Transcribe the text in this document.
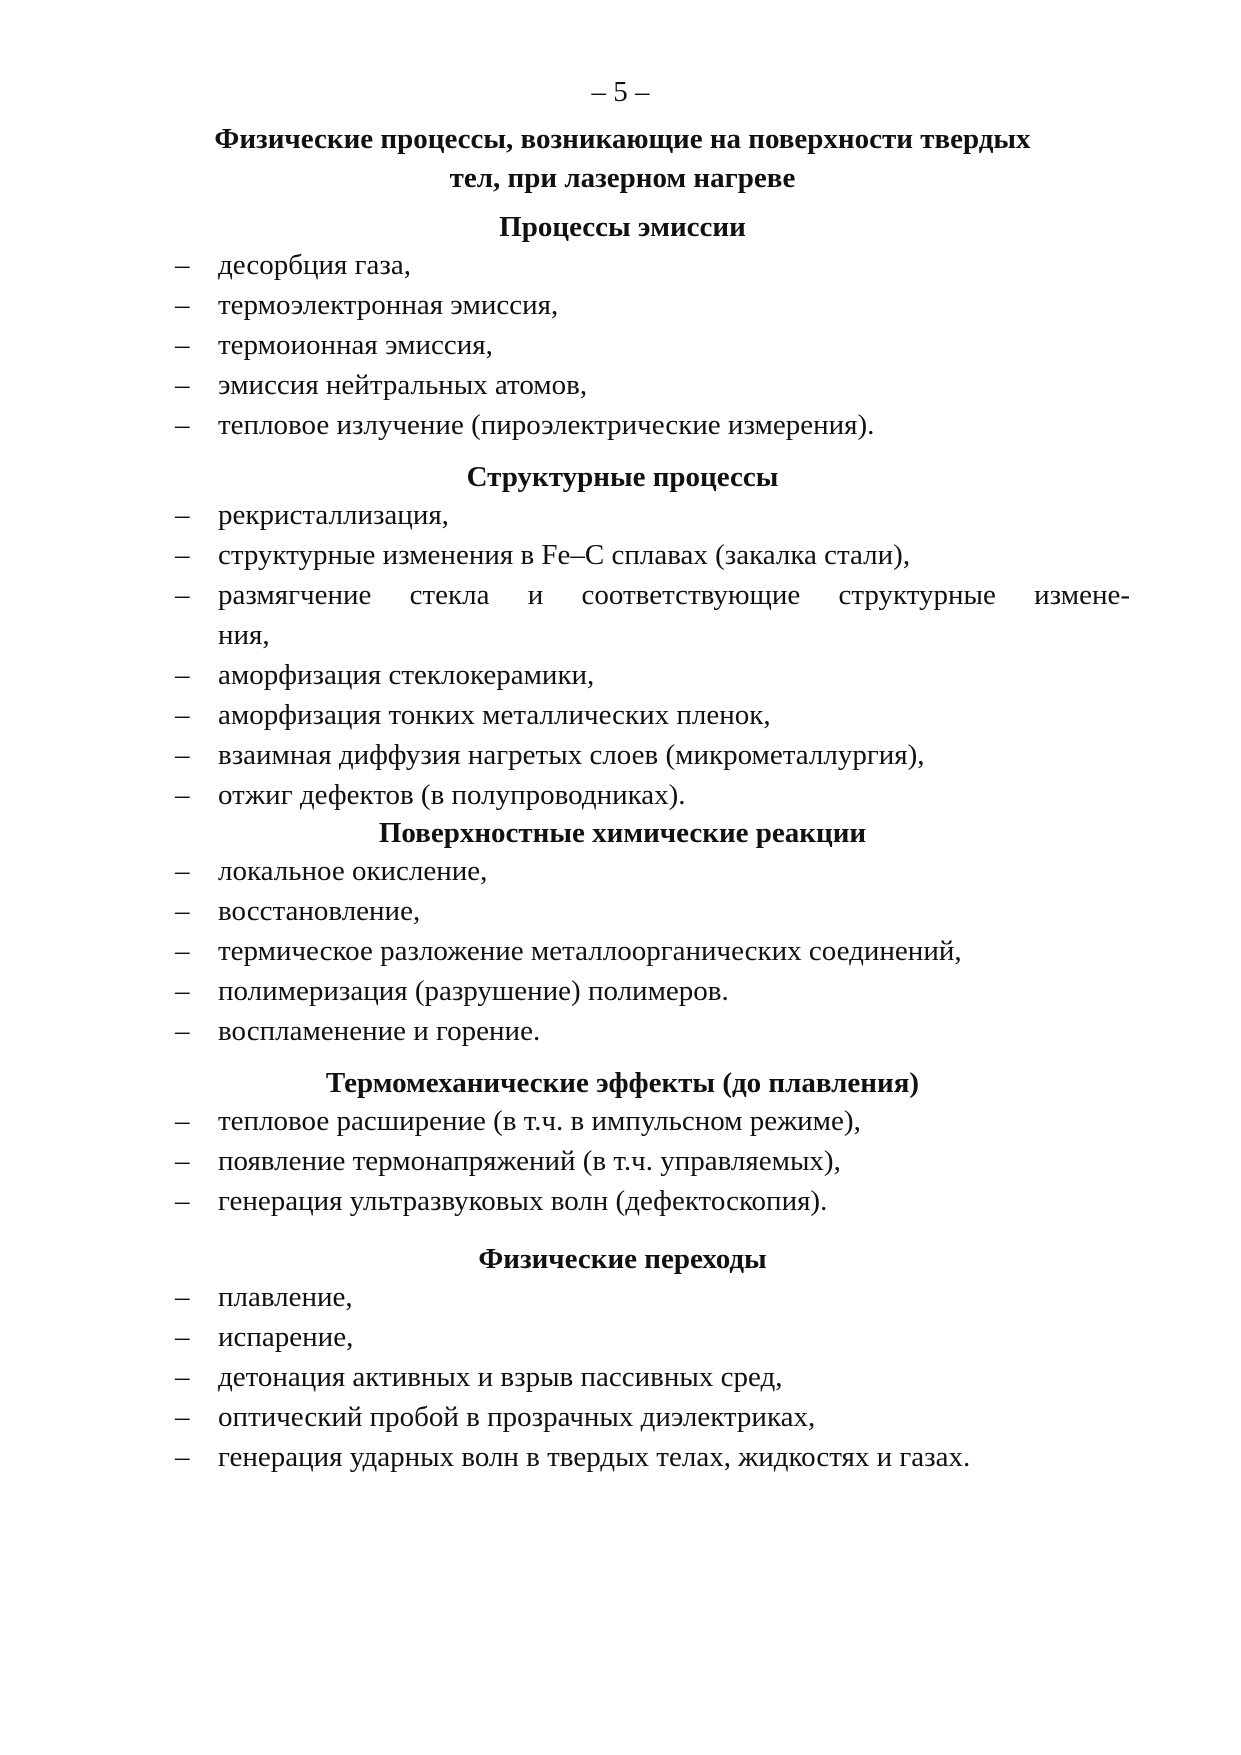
– 5 –
Физические процессы, возникающие на поверхности твердых
тел, при лазерном нагреве
Процессы эмиссии
– десорбция газа,
– термоэлектронная эмиссия,
– термоионная эмиссия,
– эмиссия нейтральных атомов,
– тепловое излучение (пироэлектрические измерения).
Структурные процессы
– рекристаллизация,
– структурные изменения в Fe–C сплавах (закалка стали),
– размягчение стекла и соответствующие структурные измене-
ния,
– аморфизация стеклокерамики,
– аморфизация тонких металлических пленок,
– взаимная диффузия нагретых слоев (микрометаллургия),
– отжиг дефектов (в полупроводниках).
Поверхностные химические реакции
– локальное окисление,
– восстановление,
– термическое разложение металлоорганических соединений,
– полимеризация (разрушение) полимеров.
– воспламенение и горение.
Термомеханические эффекты (до плавления)
– тепловое расширение (в т.ч. в импульсном режиме),
– появление термонапряжений (в т.ч. управляемых),
– генерация ультразвуковых волн (дефектоскопия).
Физические переходы
– плавление,
– испарение,
– детонация активных и взрыв пассивных сред,
– оптический пробой в прозрачных диэлектриках,
– генерация ударных волн в твердых телах, жидкостях и газах.
